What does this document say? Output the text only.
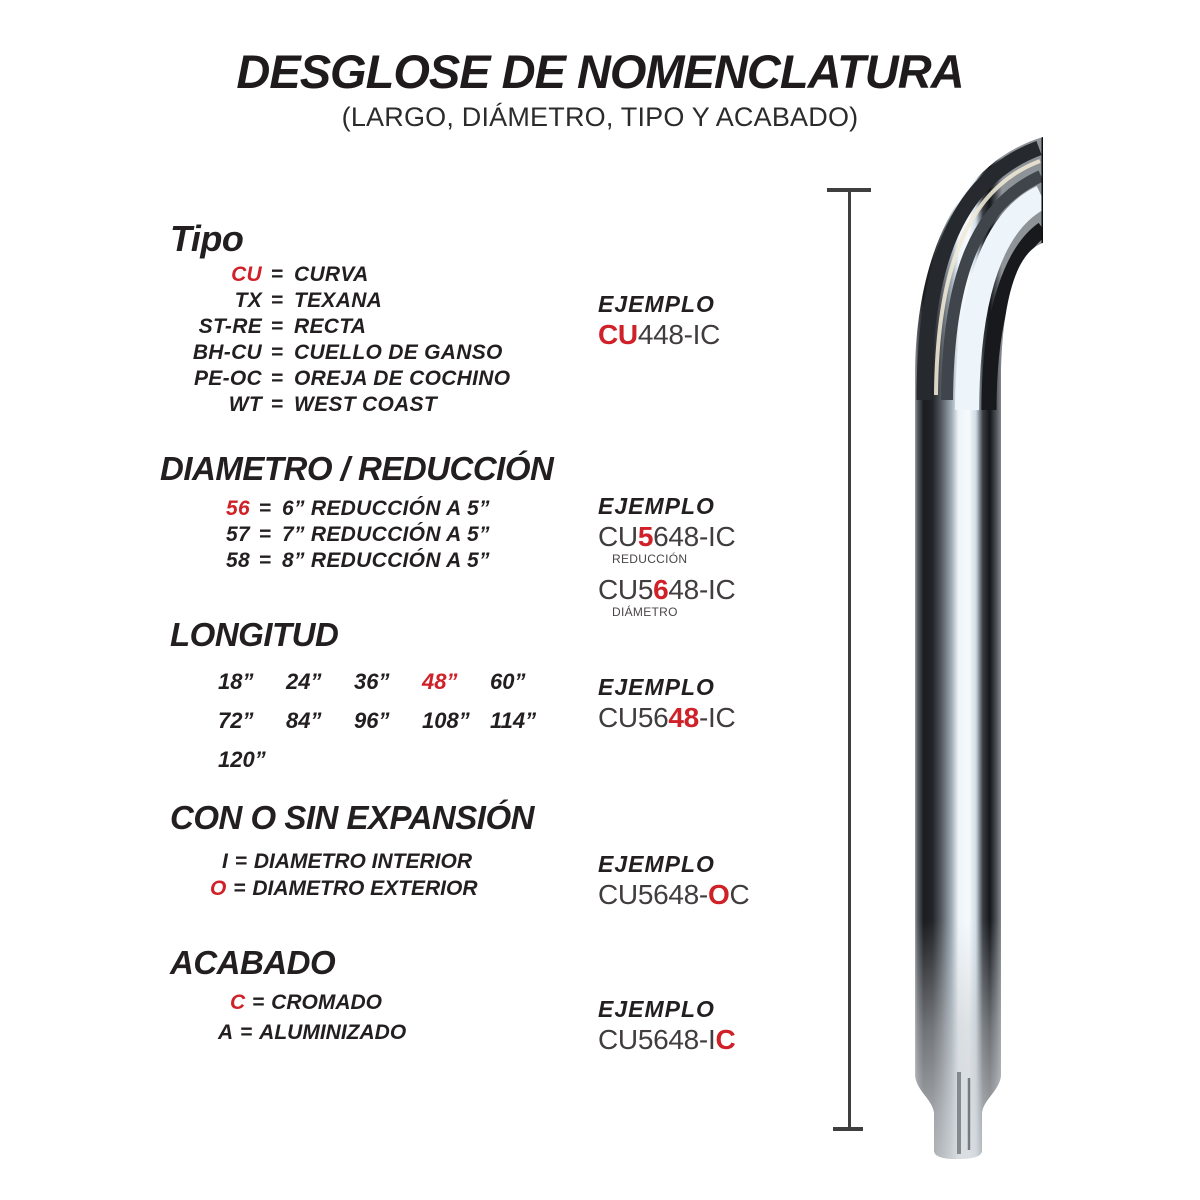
DESGLOSE DE NOMENCLATURA
(LARGO, DIÁMETRO, TIPO Y ACABADO)
Tipo
CU = CURVA
TX = TEXANA
ST-RE = RECTA
BH-CU = CUELLO DE GANSO
PE-OC = OREJA DE COCHINO
WT = WEST COAST
DIAMETRO / REDUCCIÓN
56 = 6” REDUCCIÓN A 5”
57 = 7” REDUCCIÓN A 5”
58 = 8” REDUCCIÓN A 5”
LONGITUD
18”	24”	36”	48”	60”
72”	84”	96”	108” 114”
120”
CON O SIN EXPANSIÓN
I = DIAMETRO INTERIOR
O = DIAMETRO EXTERIOR
ACABADO
C = CROMADO
A = ALUMINIZADO
EJEMPLO
CU448-IC
EJEMPLO
CU5648-IC
REDUCCIÓN
CU5648-IC
DIÁMETRO
EJEMPLO
CU5648-IC
EJEMPLO
CU5648-OC
EJEMPLO
CU5648-IC
